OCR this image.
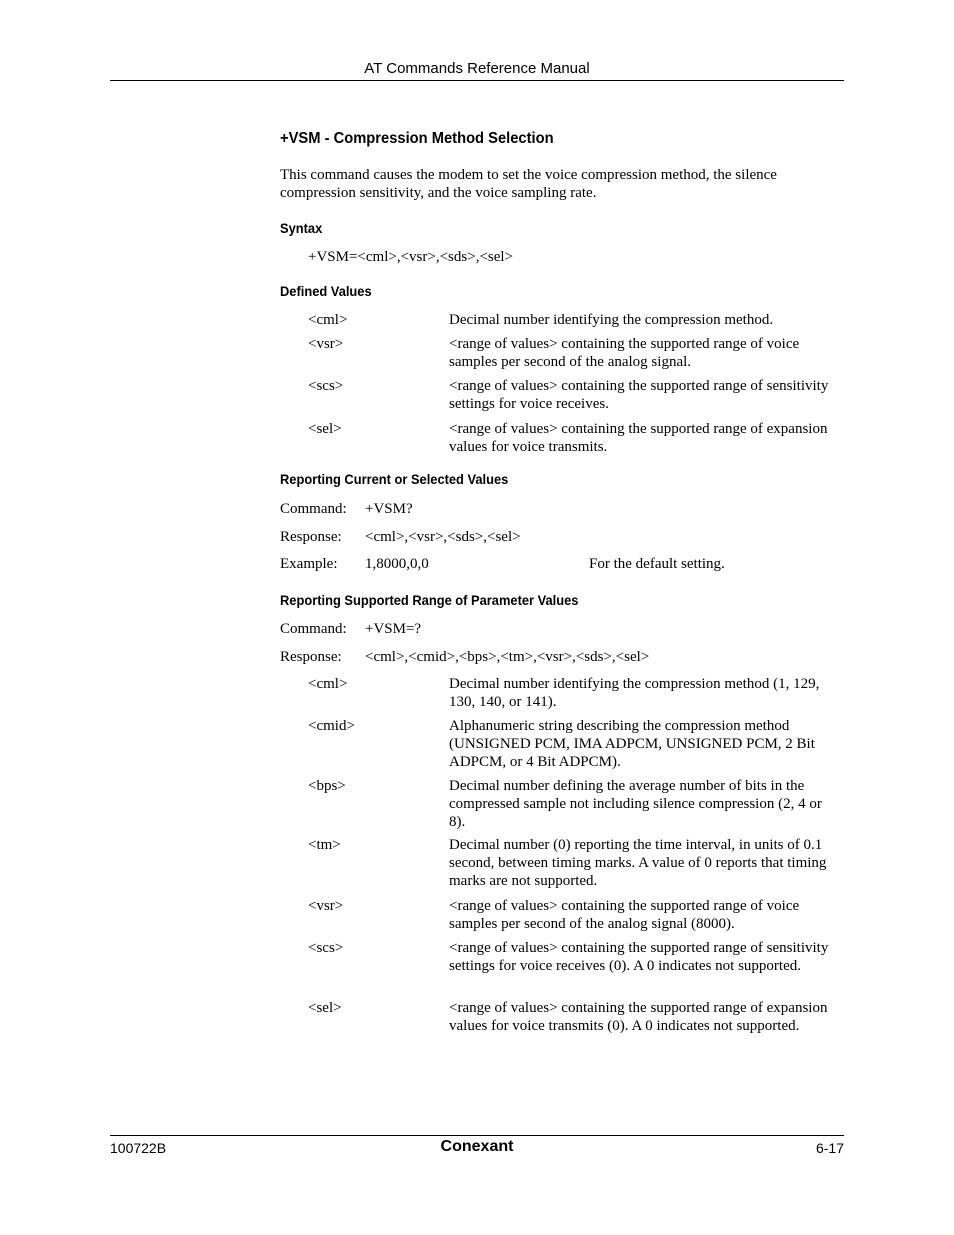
AT Commands Reference Manual
+VSM - Compression Method Selection
This command causes the modem to set the voice compression method, the silence compression sensitivity, and the voice sampling rate.
Syntax
+VSM=<cml>,<vsr>,<sds>,<sel>
Defined Values
<cml>	Decimal number identifying the compression method.
<vsr>	<range of values> containing the supported range of voice samples per second of the analog signal.
<scs>	<range of values> containing the supported range of sensitivity settings for voice receives.
<sel>	<range of values> containing the supported range of expansion values for voice transmits.
Reporting Current or Selected Values
Command: +VSM?
Response: <cml>,<vsr>,<sds>,<sel>
Example: 1,8000,0,0	For the default setting.
Reporting Supported Range of Parameter Values
Command: +VSM=?
Response: <cml>,<cmid>,<bps>,<tm>,<vsr>,<sds>,<sel>
<cml>	Decimal number identifying the compression method (1, 129, 130, 140, or 141).
<cmid>	Alphanumeric string describing the compression method (UNSIGNED PCM, IMA ADPCM, UNSIGNED PCM, 2 Bit ADPCM, or 4 Bit ADPCM).
<bps>	Decimal number defining the average number of bits in the compressed sample not including silence compression (2, 4 or 8).
<tm>	Decimal number (0) reporting the time interval, in units of 0.1 second, between timing marks. A value of 0 reports that timing marks are not supported.
<vsr>	<range of values> containing the supported range of voice samples per second of the analog signal (8000).
<scs>	<range of values> containing the supported range of sensitivity settings for voice receives (0). A 0 indicates not supported.
<sel>	<range of values> containing the supported range of expansion values for voice transmits (0). A 0 indicates not supported.
100722B	Conexant	6-17
